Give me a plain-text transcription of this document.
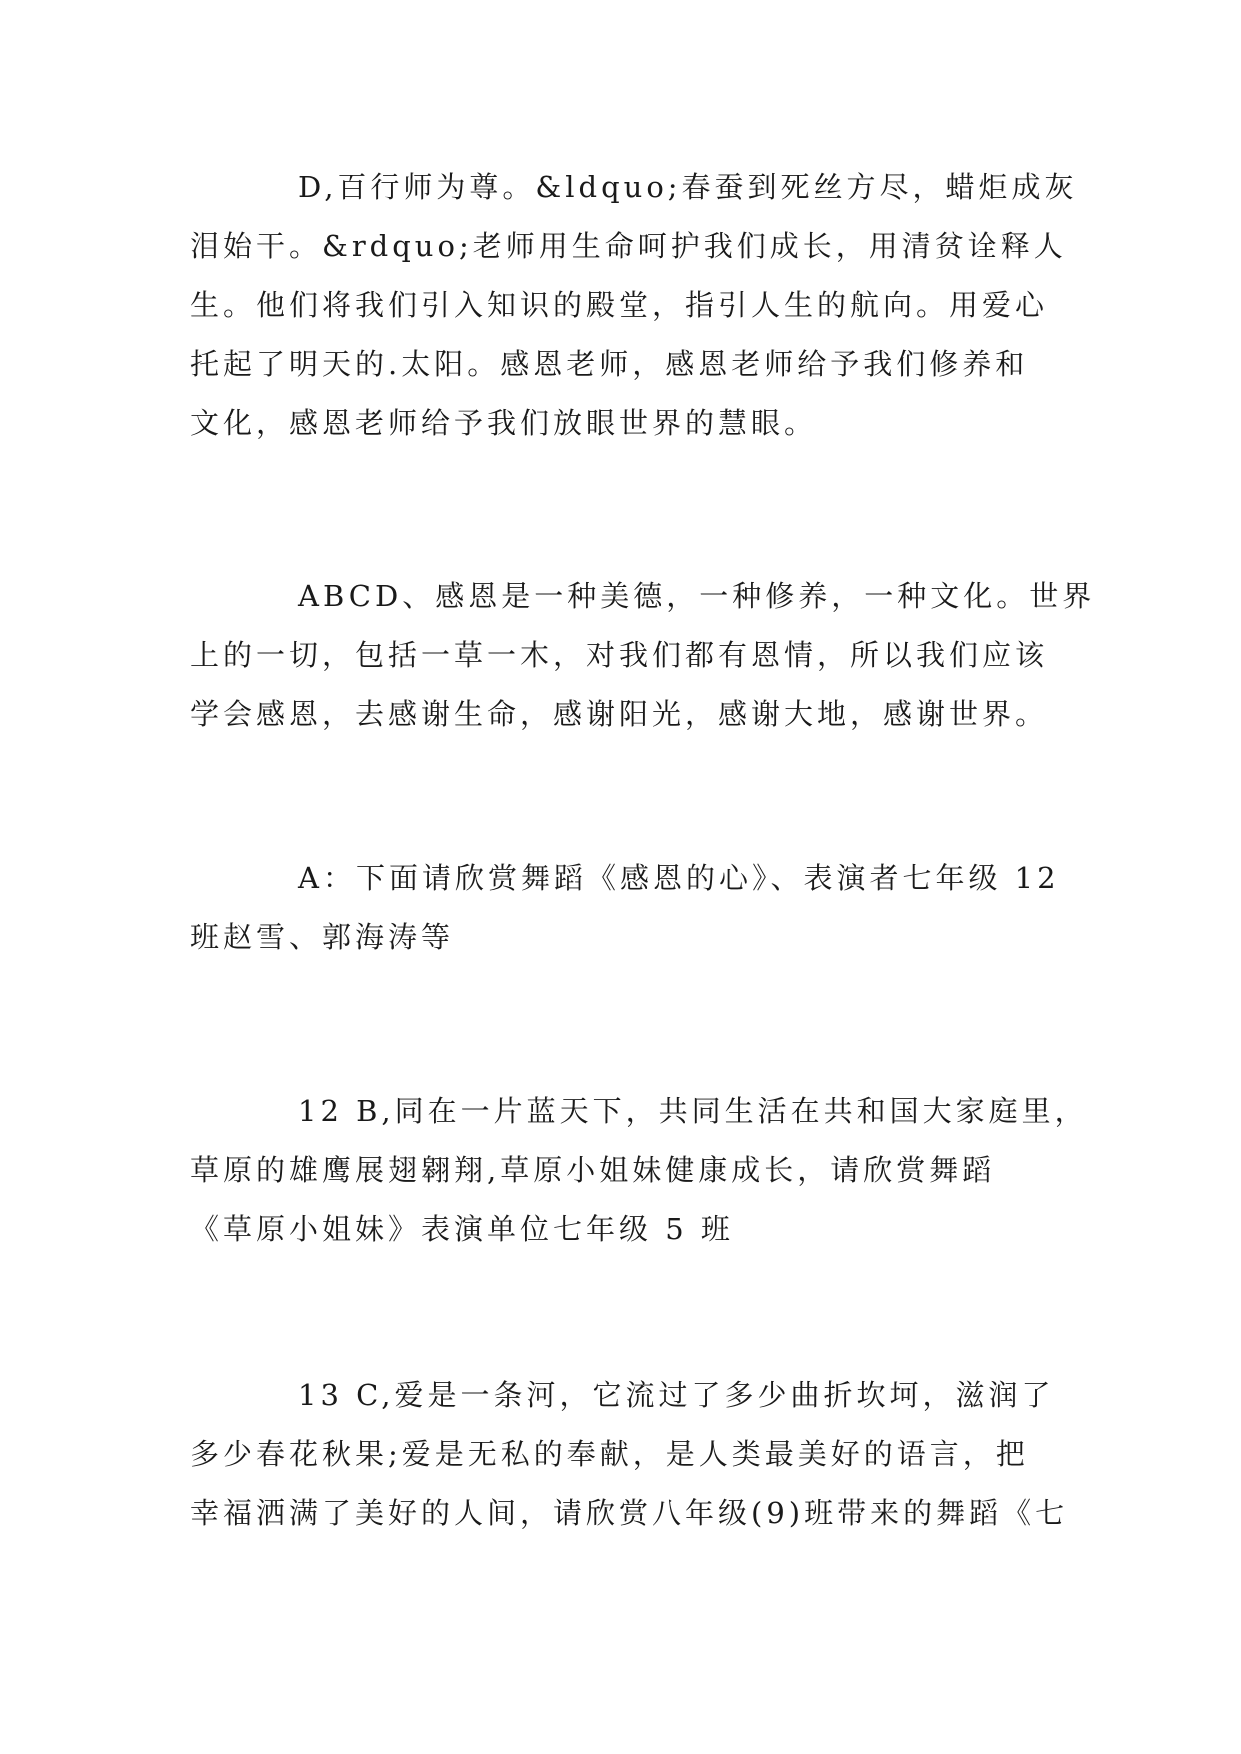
D,百行师为尊。&ldquo;春蚕到死丝方尽，蜡炬成灰
泪始干。&rdquo;老师用生命呵护我们成长，用清贫诠释人
生。他们将我们引入知识的殿堂，指引人生的航向。用爱心
托起了明天的.太阳。感恩老师，感恩老师给予我们修养和
文化，感恩老师给予我们放眼世界的慧眼。

ABCD、感恩是一种美德，一种修养，一种文化。世界
上的一切，包括一草一木，对我们都有恩情，所以我们应该
学会感恩，去感谢生命，感谢阳光，感谢大地，感谢世界。

A：下面请欣赏舞蹈《感恩的心》、表演者七年级 12
班赵雪、郭海涛等

12 B,同在一片蓝天下，共同生活在共和国大家庭里，
草原的雄鹰展翅翱翔,草原小姐妹健康成长，请欣赏舞蹈
《草原小姐妹》表演单位七年级 5 班

13 C,爱是一条河，它流过了多少曲折坎坷，滋润了
多少春花秋果;爱是无私的奉献，是人类最美好的语言，把
幸福洒满了美好的人间，请欣赏八年级(9)班带来的舞蹈《七
